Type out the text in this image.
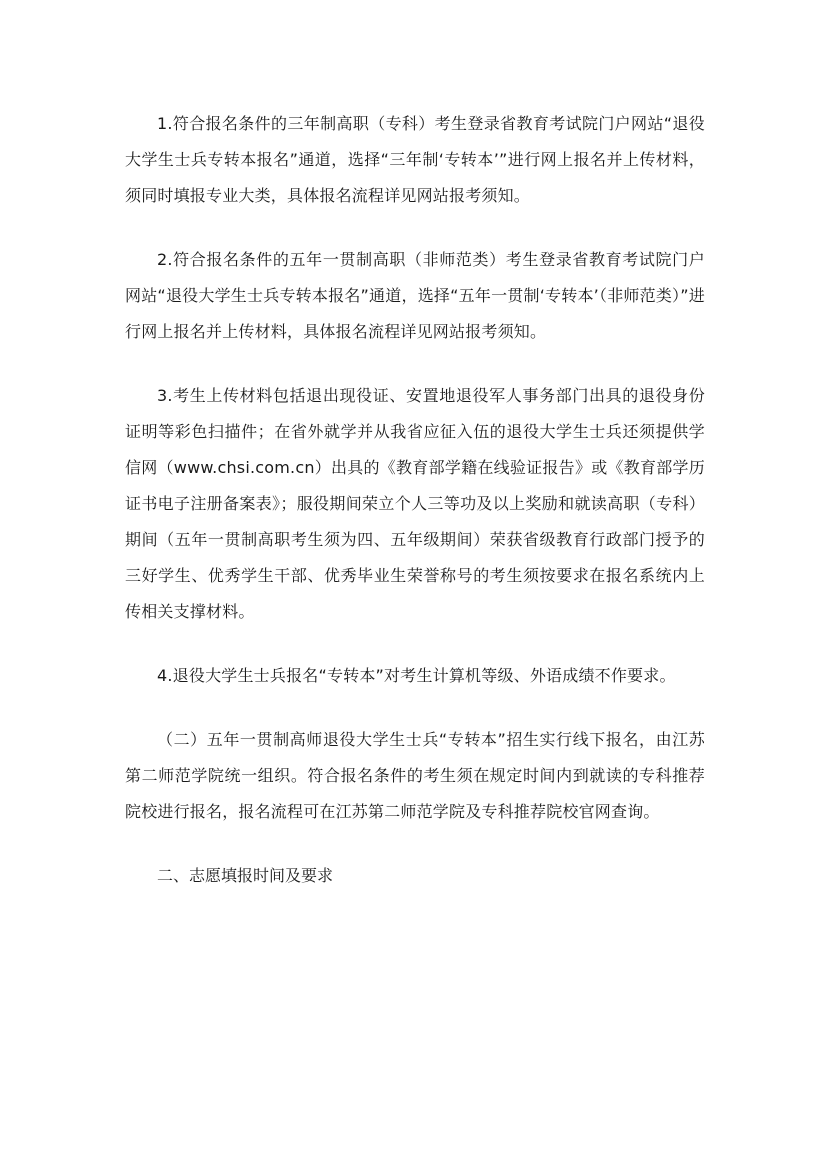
1.符合报名条件的三年制高职（专科）考生登录省教育考试院门户网站“退役大学生士兵专转本报名”通道，选择“三年制‘专转本’”进行网上报名并上传材料，须同时填报专业大类，具体报名流程详见网站报考须知。

2.符合报名条件的五年一贯制高职（非师范类）考生登录省教育考试院门户网站“退役大学生士兵专转本报名”通道，选择“五年一贯制‘专转本’（非师范类）”进行网上报名并上传材料，具体报名流程详见网站报考须知。

3.考生上传材料包括退出现役证、安置地退役军人事务部门出具的退役身份证明等彩色扫描件；在省外就学并从我省应征入伍的退役大学生士兵还须提供学信网（www.chsi.com.cn）出具的《教育部学籍在线验证报告》或《教育部学历证书电子注册备案表》；服役期间荣立个人三等功及以上奖励和就读高职（专科）期间（五年一贯制高职考生须为四、五年级期间）荣获省级教育行政部门授予的三好学生、优秀学生干部、优秀毕业生荣誉称号的考生须按要求在报名系统内上传相关支撑材料。

4.退役大学生士兵报名“专转本”对考生计算机等级、外语成绩不作要求。

（二）五年一贯制高师退役大学生士兵“专转本”招生实行线下报名，由江苏第二师范学院统一组织。符合报名条件的考生须在规定时间内到就读的专科推荐院校进行报名，报名流程可在江苏第二师范学院及专科推荐院校官网查询。

二、志愿填报时间及要求
